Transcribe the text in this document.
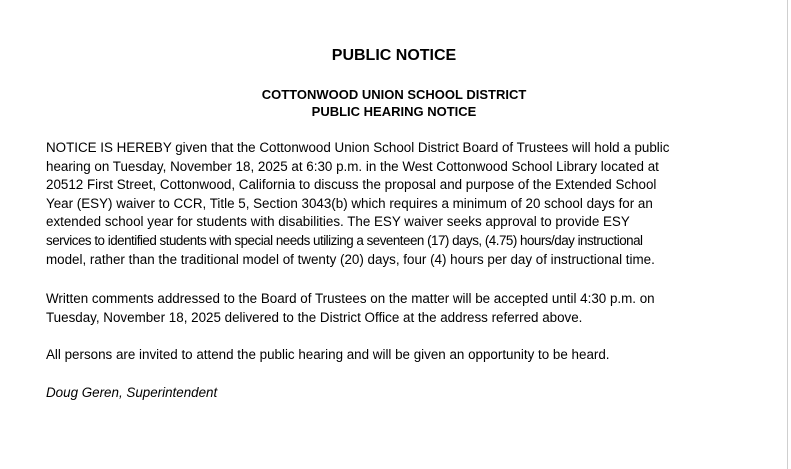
PUBLIC NOTICE
COTTONWOOD UNION SCHOOL DISTRICT
PUBLIC HEARING NOTICE

NOTICE IS HEREBY given that the Cottonwood Union School District Board of Trustees will hold a public
hearing on Tuesday, November 18, 2025 at 6:30 p.m. in the West Cottonwood School Library located at
20512 First Street, Cottonwood, California to discuss the proposal and purpose of the Extended School
Year (ESY) waiver to CCR, Title 5, Section 3043(b) which requires a minimum of 20 school days for an
extended school year for students with disabilities. The ESY waiver seeks approval to provide ESY
services to identified students with special needs utilizing a seventeen (17) days, (4.75) hours/day instructional
model, rather than the traditional model of twenty (20) days, four (4) hours per day of instructional time.

Written comments addressed to the Board of Trustees on the matter will be accepted until 4:30 p.m. on
Tuesday, November 18, 2025 delivered to the District Office at the address referred above.

All persons are invited to attend the public hearing and will be given an opportunity to be heard.

Doug Geren, Superintendent
